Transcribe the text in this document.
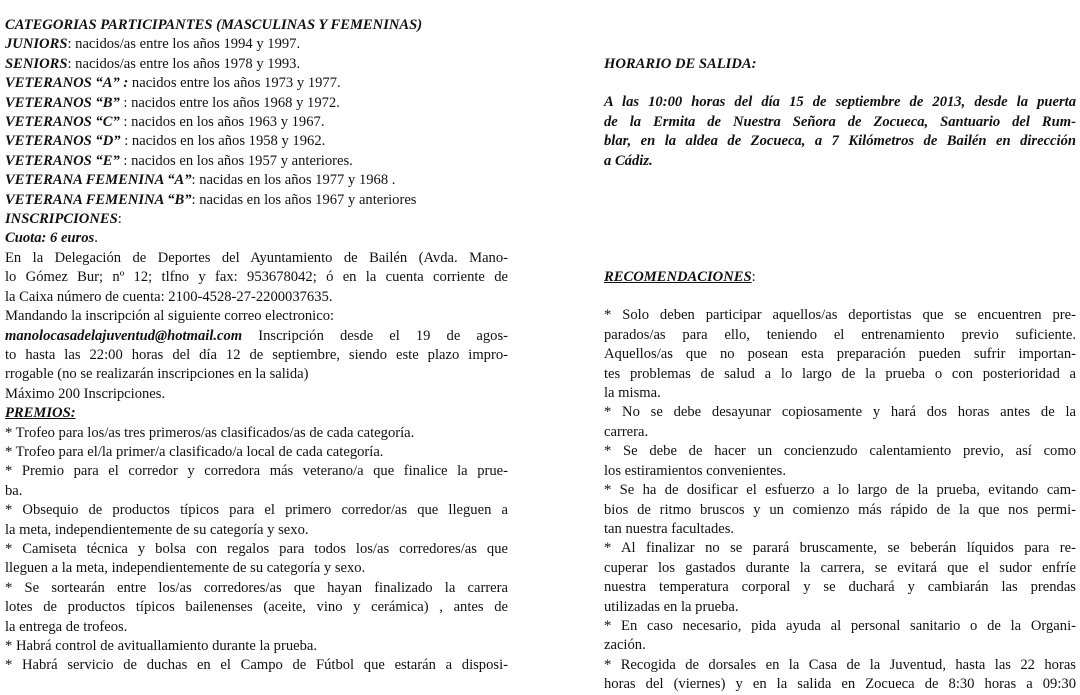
CATEGORIAS PARTICIPANTES (MASCULINAS Y FEMENINAS)

JUNIORS: nacidos/as entre los años 1994 y 1997.

SENIORS: nacidos/as entre los años 1978 y 1993.

VETERANOS “A” : nacidos entre los años 1973 y 1977.

VETERANOS “B” : nacidos entre los años 1968 y 1972.

VETERANOS “C” : nacidos en los años 1963 y 1967.

VETERANOS “D” : nacidos en los años 1958 y 1962.

VETERANOS “E” : nacidos en los años 1957 y anteriores.

VETERANA FEMENINA “A”: nacidas en los años 1977 y 1968 .

VETERANA FEMENINA “B”: nacidas en los años 1967 y anteriores

INSCRIPCIONES:

Cuota: 6 euros.

En la Delegación de Deportes del Ayuntamiento de Bailén (Avda. Mano-

lo Gómez Bur; nº 12; tlfno y fax: 953678042; ó en la cuenta corriente de

la Caixa número de cuenta: 2100-4528-27-2200037635.

Mandando la inscripción al siguiente correo electronico:

manolocasadelajuventud@hotmail.com Inscripción desde el 19 de agos-

to hasta las 22:00 horas del día 12 de septiembre, siendo este plazo impro-

rrogable (no se realizarán inscripciones en la salida)

Máximo 200 Inscripciones.

PREMIOS:

* Trofeo para los/as tres primeros/as clasificados/as de cada categoría.

* Trofeo para el/la primer/a clasificado/a local de cada categoría.

* Premio para el corredor y corredora más veterano/a que finalice la prue-

ba.

* Obsequio de productos típicos para el primero corredor/as que lleguen a

la meta, independientemente de su categoría y sexo.

* Camiseta técnica y bolsa con regalos para todos los/as corredores/as que

lleguen a la meta, independientemente de su categoría y sexo.

* Se sortearán entre los/as corredores/as que hayan finalizado la carrera

lotes de productos típicos bailenenses (aceite, vino y cerámica) , antes de

la entrega de trofeos.

* Habrá control de avituallamiento durante la prueba.

* Habrá servicio de duchas en el Campo de Fútbol que estarán a disposi-

HORARIO DE SALIDA:

A las 10:00 horas del día 15 de septiembre de 2013, desde la puerta

de la Ermita de Nuestra Señora de Zocueca, Santuario del Rum-

blar, en la aldea de Zocueca, a 7 Kilómetros de Bailén en dirección

a Cádiz.

RECOMENDACIONES:

* Solo deben participar aquellos/as deportistas que se encuentren pre-

parados/as para ello, teniendo el entrenamiento previo suficiente.

Aquellos/as que no posean esta preparación pueden sufrir importan-

tes problemas de salud a lo largo de la prueba o con posterioridad a

la misma.

* No se debe desayunar copiosamente y hará dos horas antes de la

carrera.

* Se debe de hacer un concienzudo calentamiento previo, así como

los estiramientos convenientes.

* Se ha de dosificar el esfuerzo a lo largo de la prueba, evitando cam-

bios de ritmo bruscos y un comienzo más rápido de la que nos permi-

tan nuestra facultades.

* Al finalizar no se parará bruscamente, se beberán líquidos para re-

cuperar los gastados durante la carrera, se evitará que el sudor enfríe

nuestra temperatura corporal y se duchará y cambiarán las prendas

utilizadas en la prueba.

* En caso necesario, pida ayuda al personal sanitario o de la Organi-

zación.

* Recogida de dorsales en la Casa de la Juventud, hasta las 22 horas

horas del (viernes) y en la salida en Zocueca de 8:30 horas a 09:30
